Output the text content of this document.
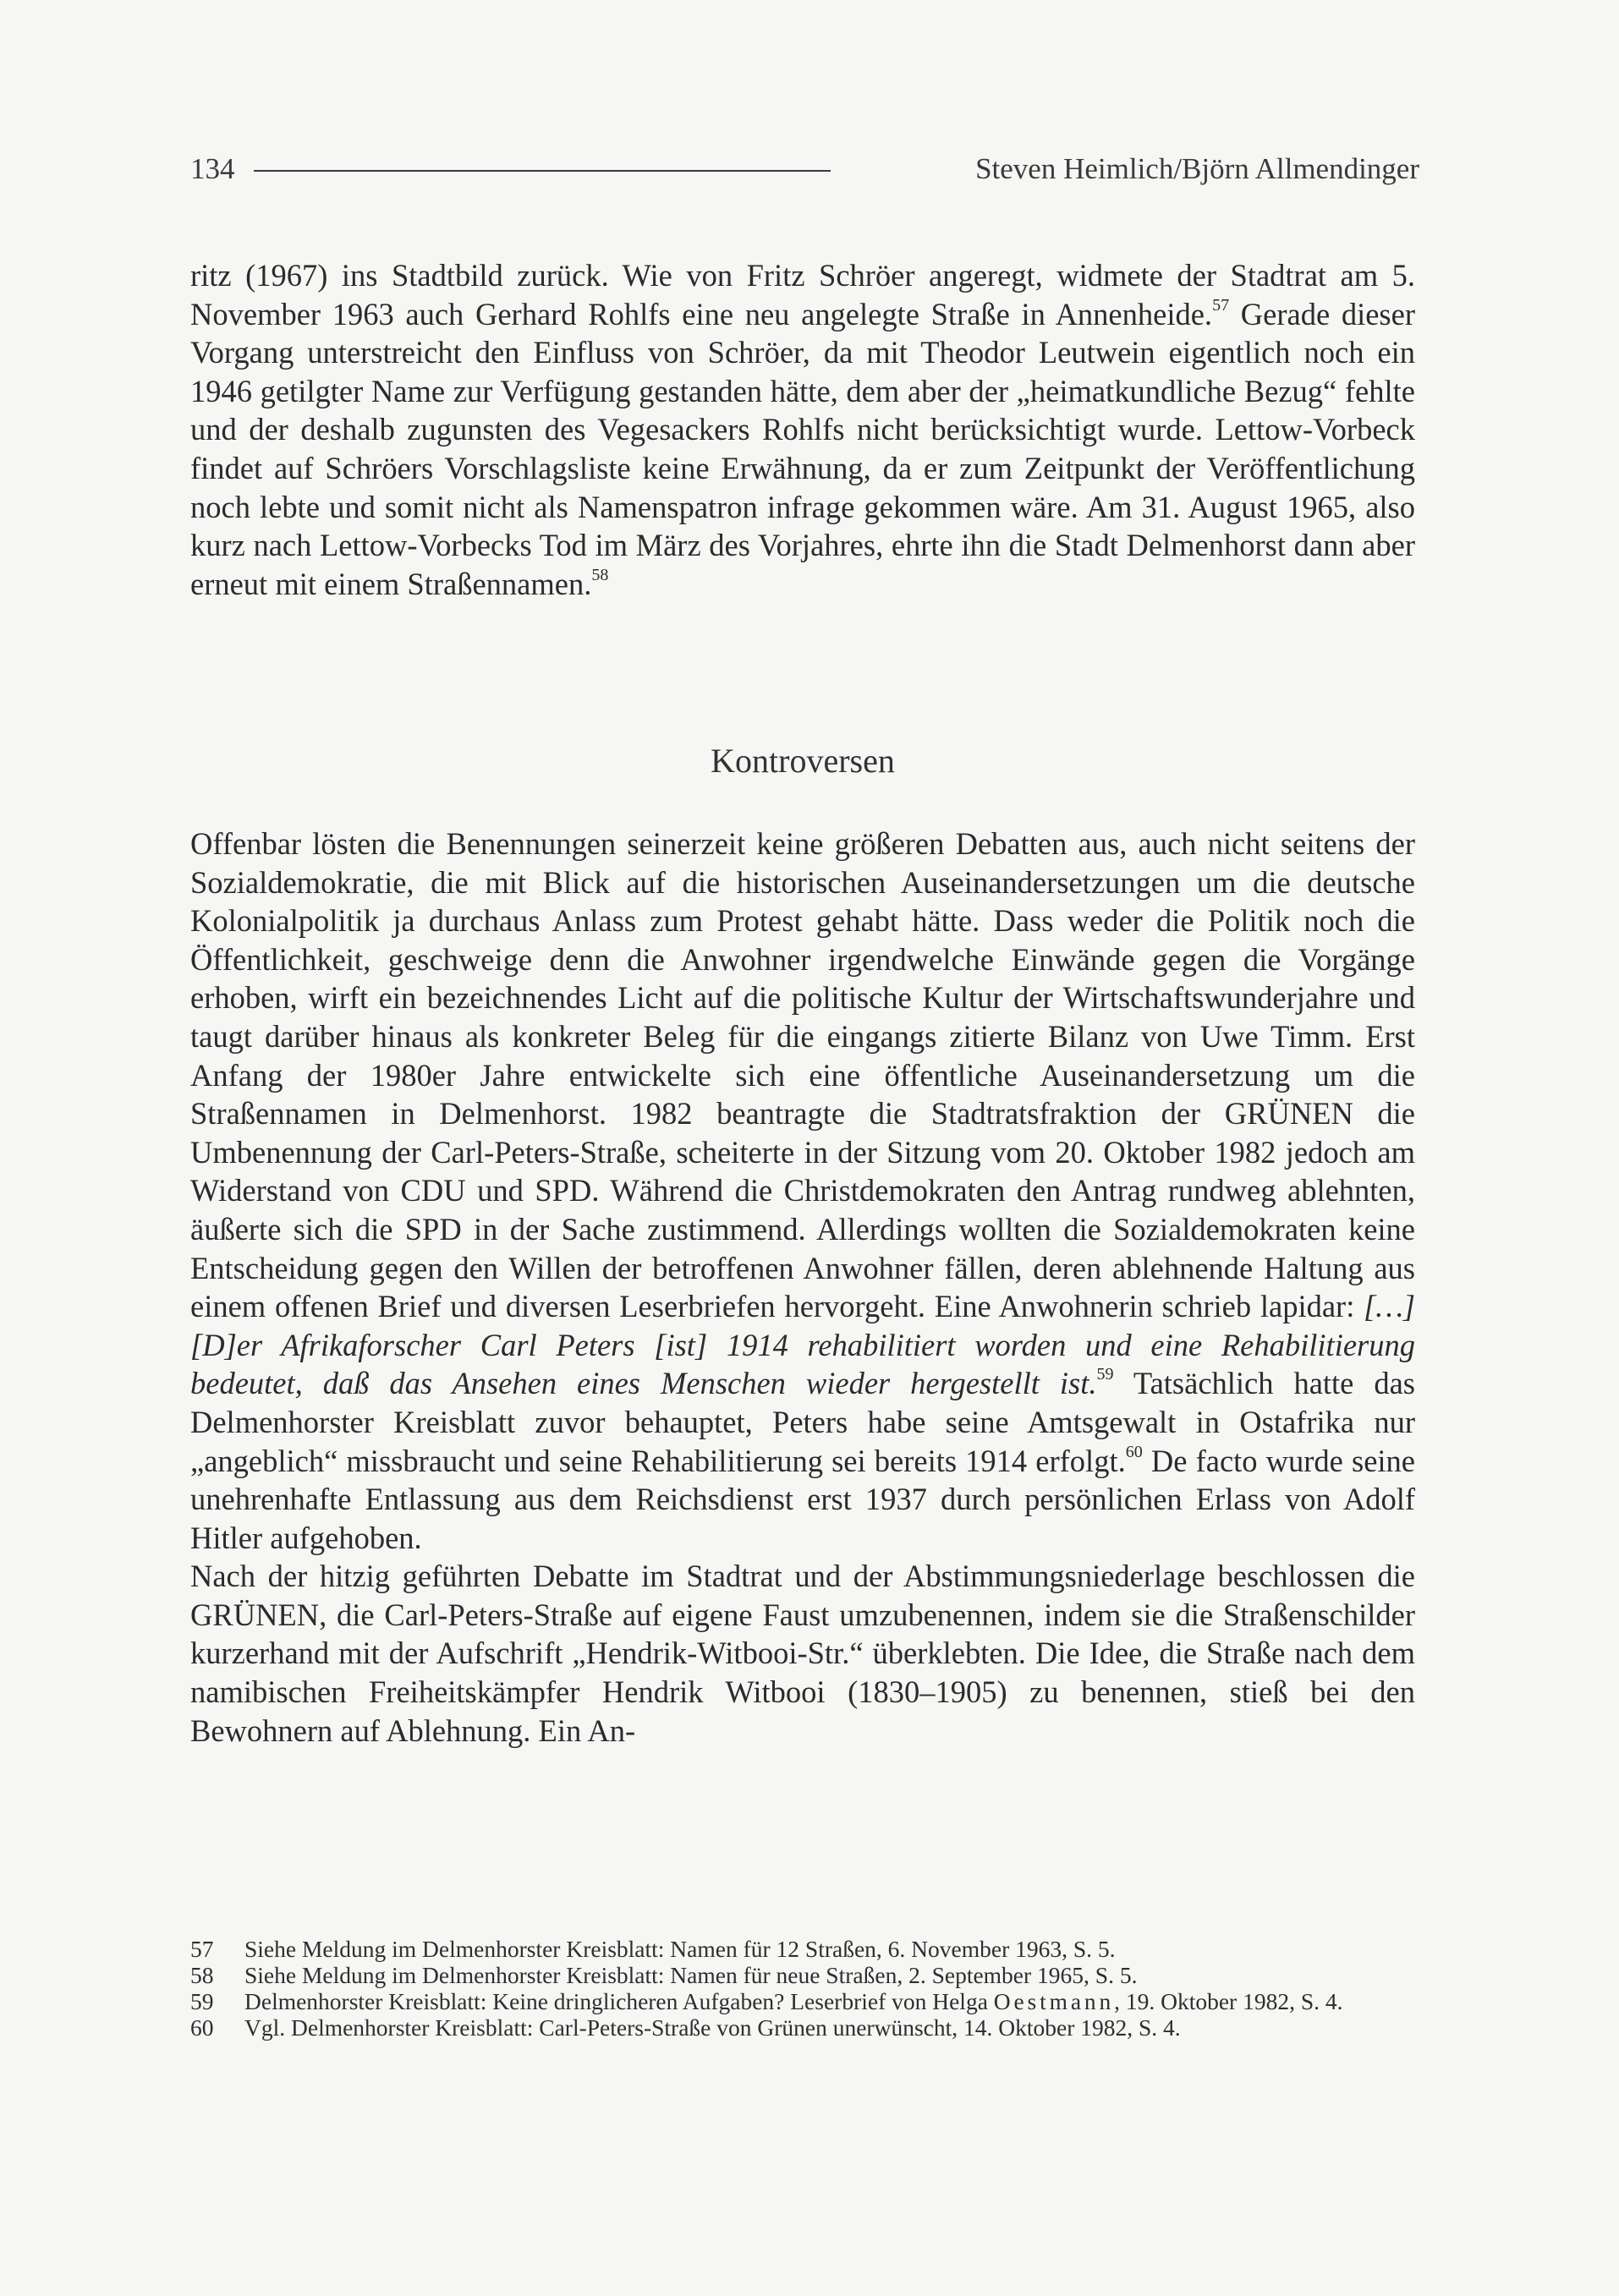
134	Steven Heimlich/Björn Allmendinger

ritz (1967) ins Stadtbild zurück. Wie von Fritz Schröer angeregt, widmete der Stadtrat am 5. November 1963 auch Gerhard Rohlfs eine neu angelegte Straße in Annenheide.$^{57}$ Gerade dieser Vorgang unterstreicht den Einfluss von Schröer, da mit Theodor Leutwein eigentlich noch ein 1946 getilgter Name zur Verfügung gestanden hätte, dem aber der „heimatkundliche Bezug“ fehlte und der deshalb zugunsten des Vegesackers Rohlfs nicht berücksichtigt wurde. Lettow-Vorbeck findet auf Schröers Vorschlagsliste keine Erwähnung, da er zum Zeitpunkt der Veröffentlichung noch lebte und somit nicht als Namenspatron infrage gekommen wäre. Am 31. August 1965, also kurz nach Lettow-Vorbecks Tod im März des Vorjahres, ehrte ihn die Stadt Delmenhorst dann aber erneut mit einem Straßennamen.$^{58}$

Kontroversen

Offenbar lösten die Benennungen seinerzeit keine größeren Debatten aus, auch nicht seitens der Sozialdemokratie, die mit Blick auf die historischen Auseinandersetzungen um die deutsche Kolonialpolitik ja durchaus Anlass zum Protest gehabt hätte. Dass weder die Politik noch die Öffentlichkeit, geschweige denn die Anwohner irgendwelche Einwände gegen die Vorgänge erhoben, wirft ein bezeichnendes Licht auf die politische Kultur der Wirtschaftswunderjahre und taugt darüber hinaus als konkreter Beleg für die eingangs zitierte Bilanz von Uwe Timm. Erst Anfang der 1980er Jahre entwickelte sich eine öffentliche Auseinandersetzung um die Straßennamen in Delmenhorst. 1982 beantragte die Stadtratsfraktion der GRÜNEN die Umbenennung der Carl-Peters-Straße, scheiterte in der Sitzung vom 20. Oktober 1982 jedoch am Widerstand von CDU und SPD. Während die Christdemokraten den Antrag rundweg ablehnten, äußerte sich die SPD in der Sache zustimmend. Allerdings wollten die Sozialdemokraten keine Entscheidung gegen den Willen der betroffenen Anwohner fällen, deren ablehnende Haltung aus einem offenen Brief und diversen Leserbriefen hervorgeht. Eine Anwohnerin schrieb lapidar: […] [D]er Afrikaforscher Carl Peters [ist] 1914 rehabilitiert worden und eine Rehabilitierung bedeutet, daß das Ansehen eines Menschen wieder hergestellt ist.$^{59}$ Tatsächlich hatte das Delmenhorster Kreisblatt zuvor behauptet, Peters habe seine Amtsgewalt in Ostafrika nur „angeblich“ missbraucht und seine Rehabilitierung sei bereits 1914 erfolgt.$^{60}$ De facto wurde seine unehrenhafte Entlassung aus dem Reichsdienst erst 1937 durch persönlichen Erlass von Adolf Hitler aufgehoben.

Nach der hitzig geführten Debatte im Stadtrat und der Abstimmungsniederlage beschlossen die GRÜNEN, die Carl-Peters-Straße auf eigene Faust umzubenennen, indem sie die Straßenschilder kurzerhand mit der Aufschrift „Hendrik-Witbooi-Str.“ überklebten. Die Idee, die Straße nach dem namibischen Freiheitskämpfer Hendrik Witbooi (1830–1905) zu benennen, stieß bei den Bewohnern auf Ablehnung. Ein An-

57	Siehe Meldung im Delmenhorster Kreisblatt: Namen für 12 Straßen, 6. November 1963, S. 5.
58	Siehe Meldung im Delmenhorster Kreisblatt: Namen für neue Straßen, 2. September 1965, S. 5.
59	Delmenhorster Kreisblatt: Keine dringlicheren Aufgaben? Leserbrief von Helga Oestmann, 19. Oktober 1982, S. 4.
60	Vgl. Delmenhorster Kreisblatt: Carl-Peters-Straße von Grünen unerwünscht, 14. Oktober 1982, S. 4.
